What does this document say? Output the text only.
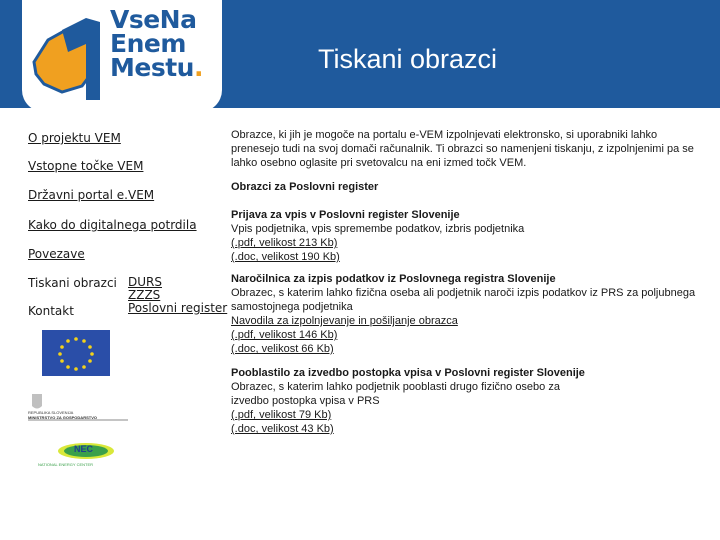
VseNa
Enem
Mestu.	Tiskani obrazci
O projektu VEM
Vstopne točke VEM
Državni portal e.VEM
Kako do digitalnega potrdila
Povezave
Tiskani obrazci
Kontakt
DURS
ZZZS
Poslovni register
REPUBLIKA SLOVENIJA
MINISTRSTVO ZA GOSPODARSTVO
NEC
NATIONAL ENERGY CENTER

Obrazce, ki jih je mogoče na portalu e-VEM izpolnjevati elektronsko, si uporabniki lahko prenesejo tudi na svoj domači računalnik. Ti obrazci so namenjeni tiskanju, z izpolnjenimi pa se lahko osebno oglasite pri svetovalcu na eni izmed točk VEM.

Obrazci za Poslovni register

Prijava za vpis v Poslovni register Slovenije

Vpis podjetnika, vpis spremembe podatkov, izbris podjetnika

(.pdf, velikost 213 Kb)

(.doc, velikost 190 Kb)

Naročilnica za izpis podatkov iz Poslovnega registra Slovenije

Obrazec, s katerim lahko fizična oseba ali podjetnik naroči izpis podatkov iz PRS za poljubnega samostojnega podjetnika

Navodila za izpolnjevanje in pošiljanje obrazca

(.pdf, velikost 146 Kb)

(.doc, velikost 66 Kb)

Pooblastilo za izvedbo postopka vpisa v Poslovni register Slovenije

Obrazec, s katerim lahko podjetnik pooblasti drugo fizično osebo za izvedbo postopka vpisa v PRS

(.pdf, velikost 79 Kb)

(.doc, velikost 43 Kb)
